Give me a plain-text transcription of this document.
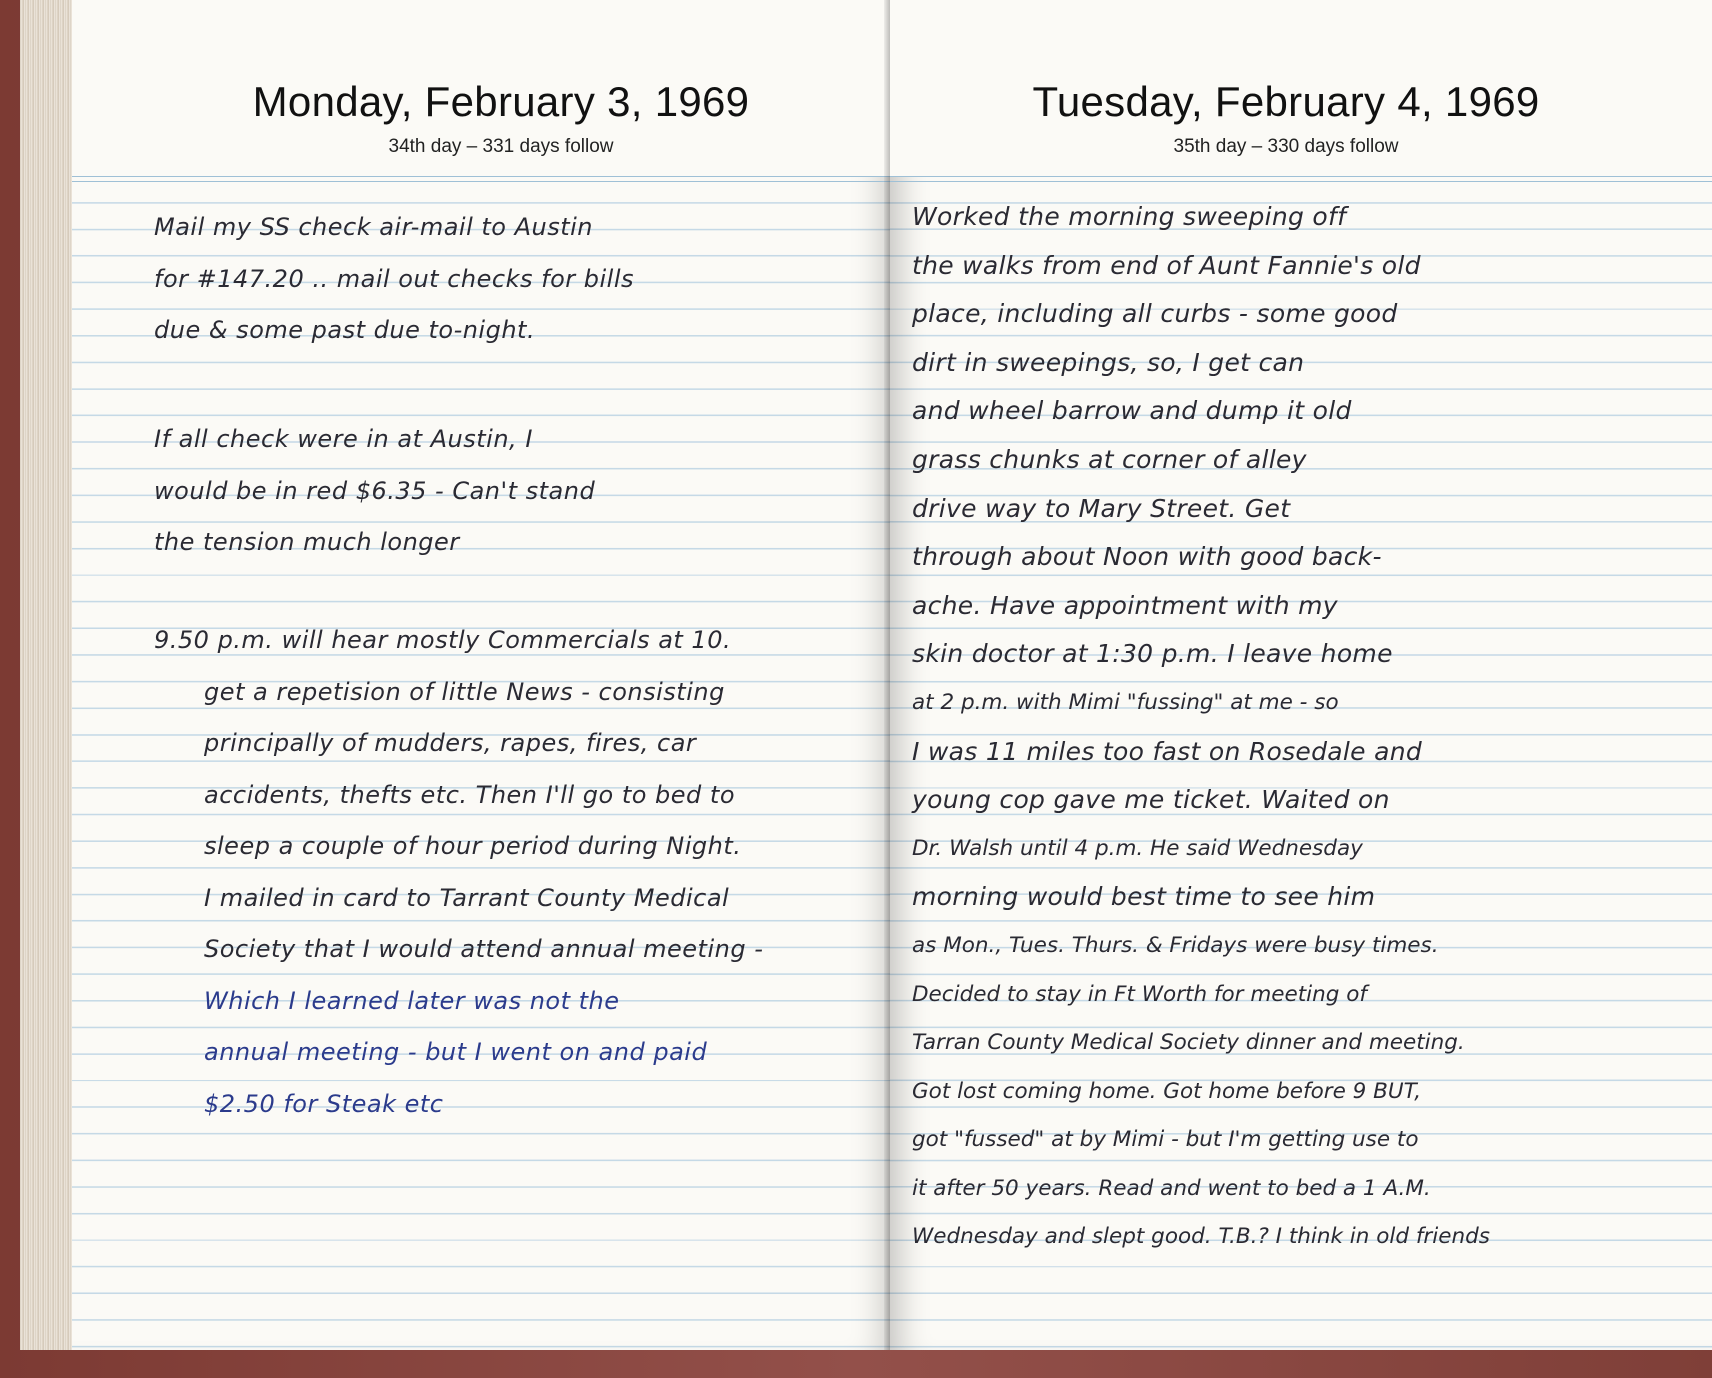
Monday, February 3, 1969
34th day – 331 days follow
Mail my SS check air-mail to Austin
for #147.20 .. mail out checks for bills
due & some past due to-night.
If all check were in at Austin, I
would be in red $6.35 - Can't stand
the tension much longer
9.50 p.m. will hear mostly Commercials at 10.
get a repetision of little News - consisting
principally of mudders, rapes, fires, car
accidents, thefts etc. Then I'll go to bed to
sleep a couple of hour period during Night.
I mailed in card to Tarrant County Medical
Society that I would attend annual meeting -
Which I learned later was not the
annual meeting - but I went on and paid
$2.50 for Steak etc
Tuesday, February 4, 1969
35th day – 330 days follow
Worked the morning sweeping off
the walks from end of Aunt Fannie's old
place, including all curbs - some good
dirt in sweepings, so, I get can
and wheel barrow and dump it old
grass chunks at corner of alley
drive way to Mary Street. Get
through about Noon with good back-
ache. Have appointment with my
skin doctor at 1:30 p.m. I leave home
at 2 p.m. with Mimi "fussing" at me - so
I was 11 miles too fast on Rosedale and
young cop gave me ticket. Waited on
Dr. Walsh until 4 p.m. He said Wednesday
morning would best time to see him
as Mon., Tues. Thurs. & Fridays were busy times.
Decided to stay in Ft Worth for meeting of
Tarran County Medical Society dinner and meeting.
Got lost coming home. Got home before 9 BUT,
got "fussed" at by Mimi - but I'm getting use to
it after 50 years. Read and went to bed a 1 A.M.
Wednesday and slept good. T.B.? I think in old friends
